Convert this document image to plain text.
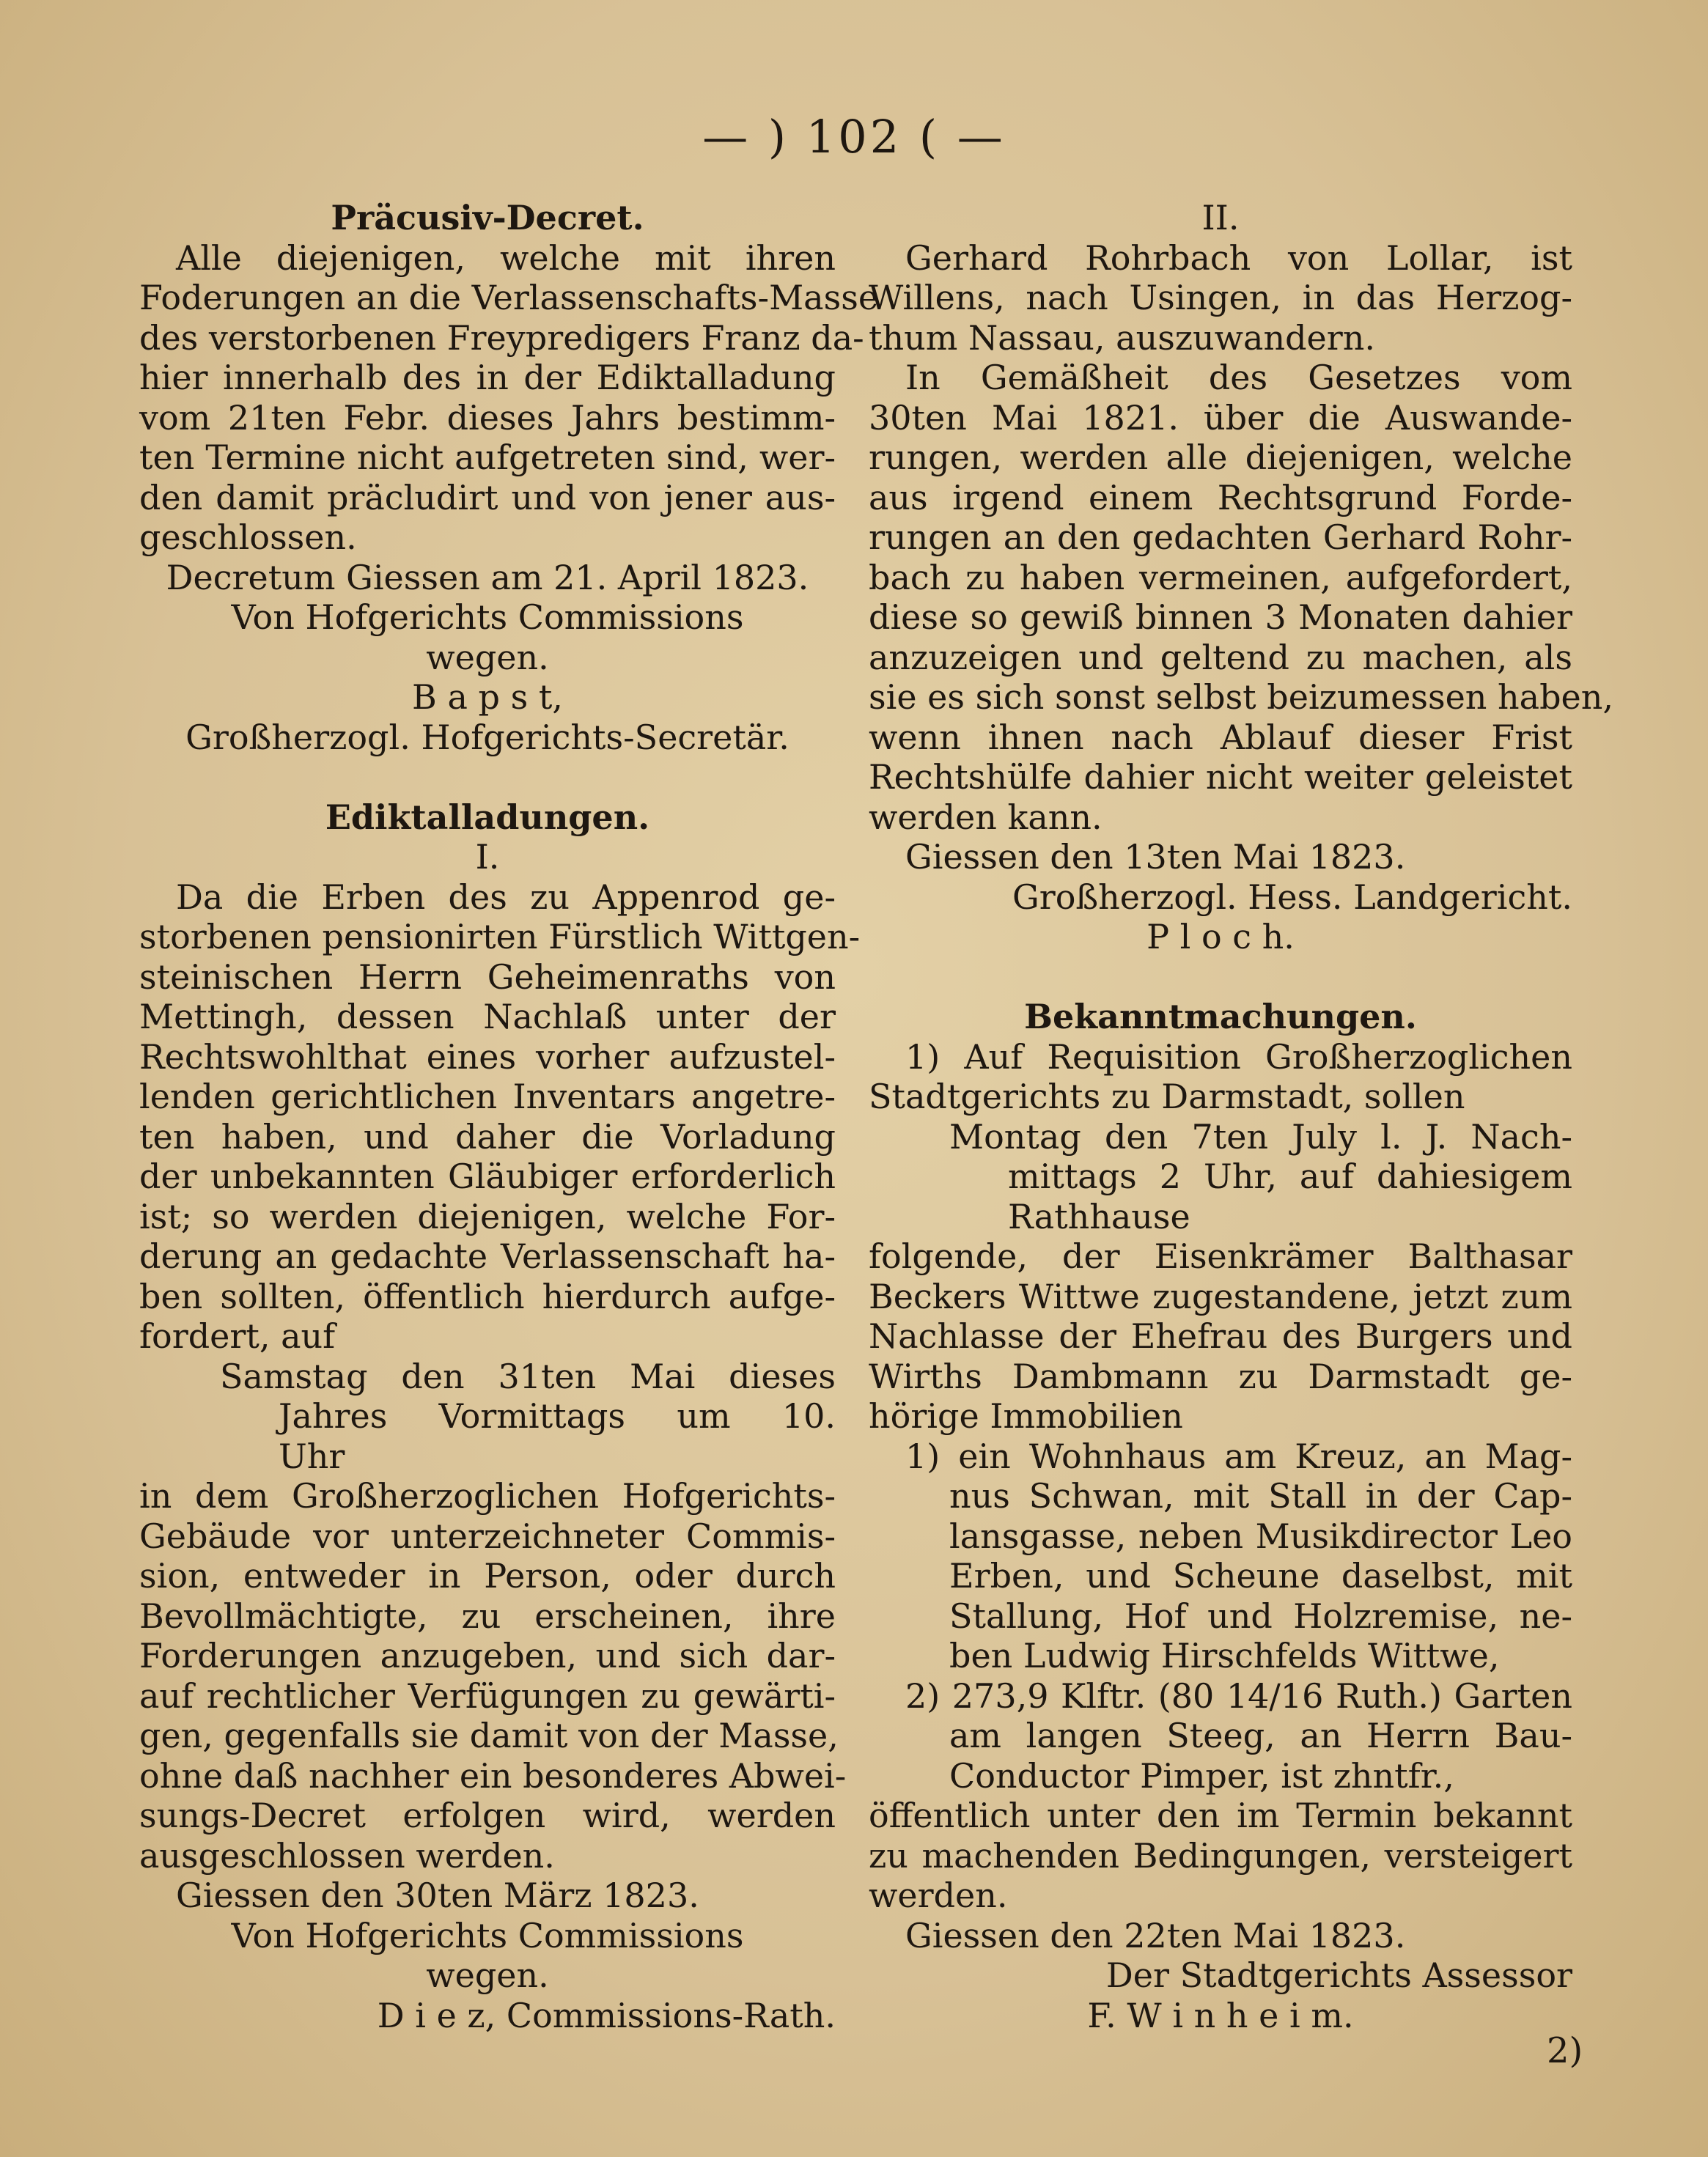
— ) 102 ( —
Präcusiv-Decret.
Alle diejenigen, welche mit ihren
Foderungen an die Verlassenschafts-Masse
des verstorbenen Freypredigers Franz da-
hier innerhalb des in der Ediktalladung
vom 21ten Febr. dieses Jahrs bestimm-
ten Termine nicht aufgetreten sind, wer-
den damit präcludirt und von jener aus-
geschlossen.
Decretum Giessen am 21. April 1823.
Von Hofgerichts Commissions
wegen.
B a p s t,
Großherzogl. Hofgerichts-Secretär.
Ediktalladungen.
I.
Da die Erben des zu Appenrod ge-
storbenen pensionirten Fürstlich Wittgen-
steinischen Herrn Geheimenraths von
Mettingh, dessen Nachlaß unter der
Rechtswohlthat eines vorher aufzustel-
lenden gerichtlichen Inventars angetre-
ten haben, und daher die Vorladung
der unbekannten Gläubiger erforderlich
ist; so werden diejenigen, welche For-
derung an gedachte Verlassenschaft ha-
ben sollten, öffentlich hierdurch aufge-
fordert, auf
Samstag den 31ten Mai dieses
Jahres Vormittags um 10.
Uhr
in dem Großherzoglichen Hofgerichts-
Gebäude vor unterzeichneter Commis-
sion, entweder in Person, oder durch
Bevollmächtigte, zu erscheinen, ihre
Forderungen anzugeben, und sich dar-
auf rechtlicher Verfügungen zu gewärti-
gen, gegenfalls sie damit von der Masse,
ohne daß nachher ein besonderes Abwei-
sungs-Decret erfolgen wird, werden
ausgeschlossen werden.
Giessen den 30ten März 1823.
Von Hofgerichts Commissions
wegen.
D i e z, Commissions-Rath.
II.
Gerhard Rohrbach von Lollar, ist
Willens, nach Usingen, in das Herzog-
thum Nassau, auszuwandern.
In Gemäßheit des Gesetzes vom
30ten Mai 1821. über die Auswande-
rungen, werden alle diejenigen, welche
aus irgend einem Rechtsgrund Forde-
rungen an den gedachten Gerhard Rohr-
bach zu haben vermeinen, aufgefordert,
diese so gewiß binnen 3 Monaten dahier
anzuzeigen und geltend zu machen, als
sie es sich sonst selbst beizumessen haben,
wenn ihnen nach Ablauf dieser Frist
Rechtshülfe dahier nicht weiter geleistet
werden kann.
Giessen den 13ten Mai 1823.
Großherzogl. Hess. Landgericht.
P l o c h.
Bekanntmachungen.
1) Auf Requisition Großherzoglichen
Stadtgerichts zu Darmstadt, sollen
Montag den 7ten July l. J. Nach-
mittags 2 Uhr, auf dahiesigem
Rathhause
folgende, der Eisenkrämer Balthasar
Beckers Wittwe zugestandene, jetzt zum
Nachlasse der Ehefrau des Burgers und
Wirths Dambmann zu Darmstadt ge-
hörige Immobilien
1) ein Wohnhaus am Kreuz, an Mag-
nus Schwan, mit Stall in der Cap-
lansgasse, neben Musikdirector Leo
Erben, und Scheune daselbst, mit
Stallung, Hof und Holzremise, ne-
ben Ludwig Hirschfelds Wittwe,
2) 273,9 Klftr. (80 14/16 Ruth.) Garten
am langen Steeg, an Herrn Bau-
Conductor Pimper, ist zhntfr.,
öffentlich unter den im Termin bekannt
zu machenden Bedingungen, versteigert
werden.
Giessen den 22ten Mai 1823.
Der Stadtgerichts Assessor
F. W i n h e i m.
2)
